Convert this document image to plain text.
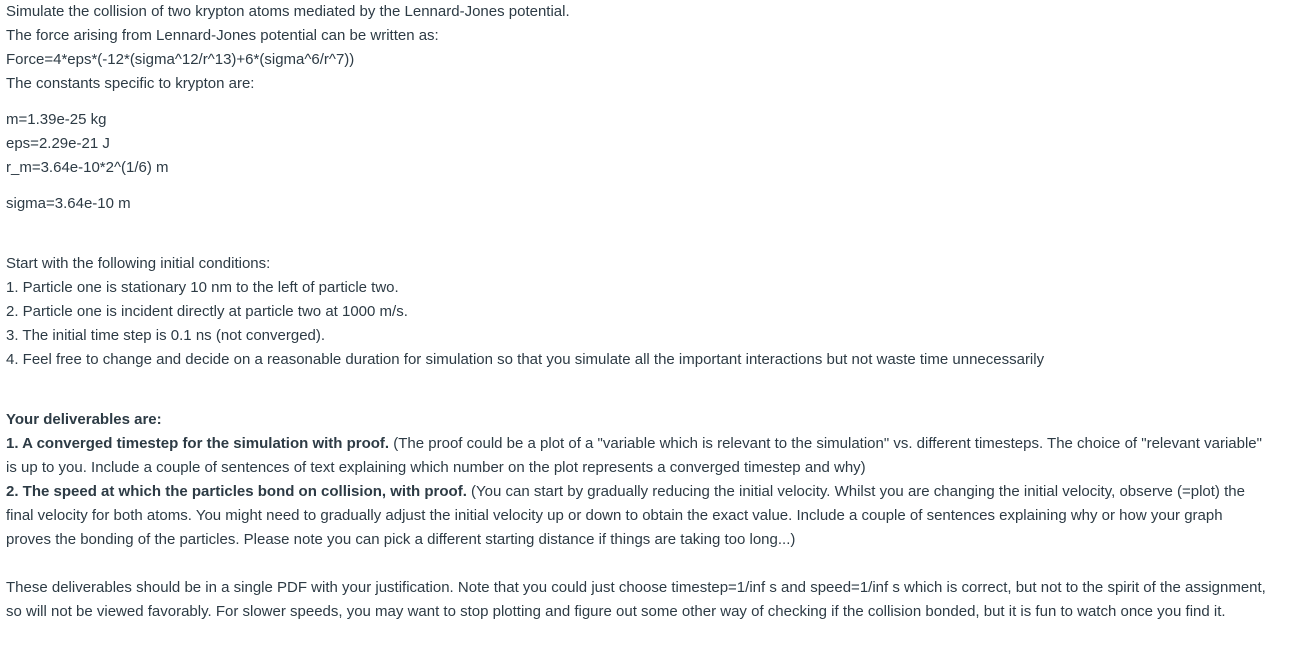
Simulate the collision of two krypton atoms mediated by the Lennard-Jones potential.
The force arising from Lennard-Jones potential can be written as:
Force=4*eps*(-12*(sigma^12/r^13)+6*(sigma^6/r^7))
The constants specific to krypton are:
m=1.39e-25 kg
eps=2.29e-21 J
r_m=3.64e-10*2^(1/6) m
sigma=3.64e-10 m
Start with the following initial conditions:
1. Particle one is stationary 10 nm to the left of particle two.
2. Particle one is incident directly at particle two at 1000 m/s.
3. The initial time step is 0.1 ns (not converged).
4. Feel free to change and decide on a reasonable duration for simulation so that you simulate all the important interactions but not waste time unnecessarily
Your deliverables are:
1. A converged timestep for the simulation with proof. (The proof could be a plot of a "variable which is relevant to the simulation" vs. different timesteps. The choice of "relevant variable" is up to you. Include a couple of sentences of text explaining which number on the plot represents a converged timestep and why)
2. The speed at which the particles bond on collision, with proof. (You can start by gradually reducing the initial velocity. Whilst you are changing the initial velocity, observe (=plot) the final velocity for both atoms. You might need to gradually adjust the initial velocity up or down to obtain the exact value. Include a couple of sentences explaining why or how your graph proves the bonding of the particles. Please note you can pick a different starting distance if things are taking too long...)
These deliverables should be in a single PDF with your justification. Note that you could just choose timestep=1/inf s and speed=1/inf s which is correct, but not to the spirit of the assignment, so will not be viewed favorably. For slower speeds, you may want to stop plotting and figure out some other way of checking if the collision bonded, but it is fun to watch once you find it.
